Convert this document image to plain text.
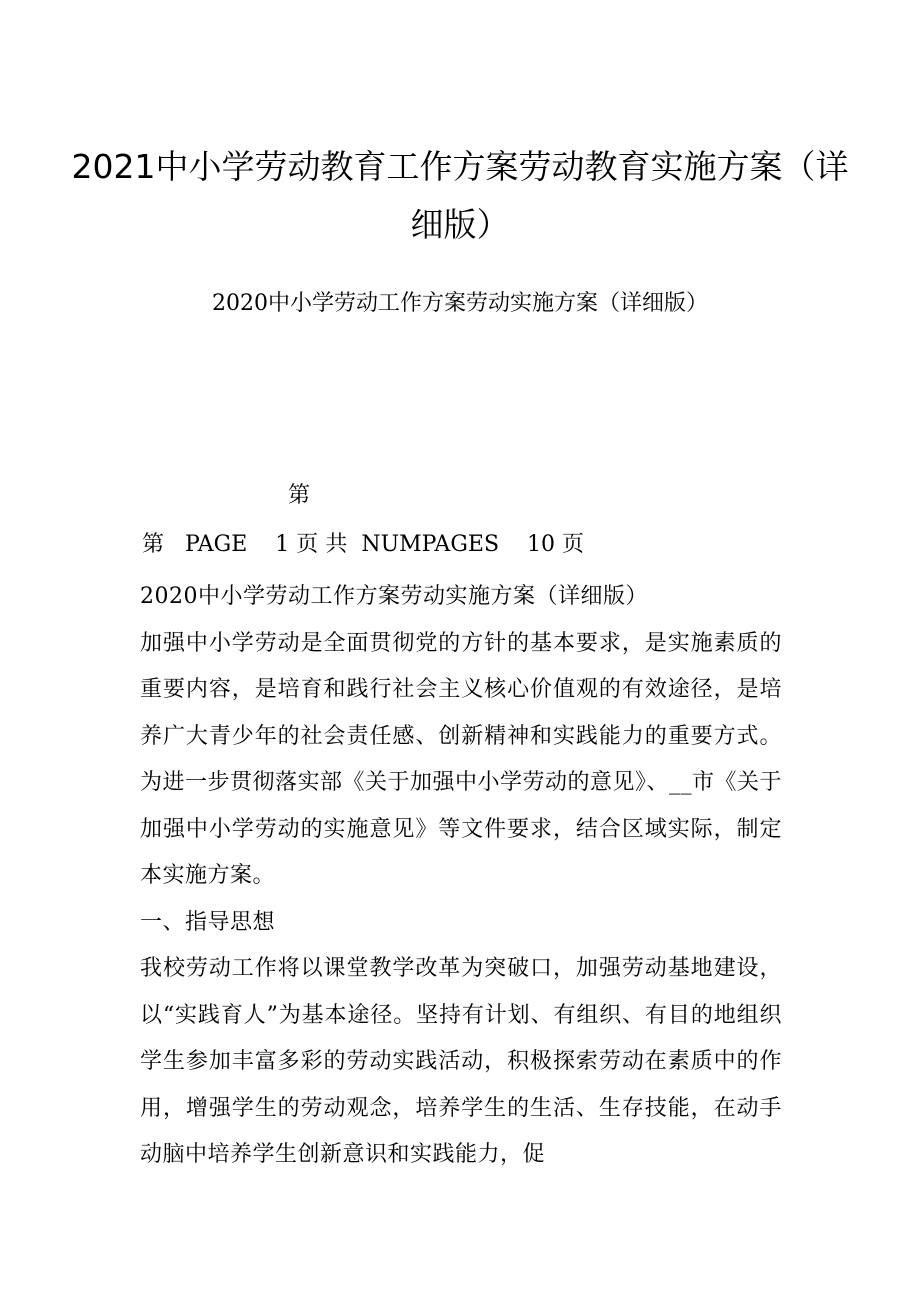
2021中小学劳动教育工作方案劳动教育实施方案（详细版）
2020中小学劳动工作方案劳动实施方案（详细版）
第
第 PAGE 1 页 共 NUMPAGES 10 页

2020中小学劳动工作方案劳动实施方案（详细版）

加强中小学劳动是全面贯彻党的方针的基本要求，是实施素质的重要内容，是培育和践行社会主义核心价值观的有效途径，是培养广大青少年的社会责任感、创新精神和实践能力的重要方式。为进一步贯彻落实部《关于加强中小学劳动的意见》、__市《关于加强中小学劳动的实施意见》等文件要求，结合区域实际，制定本实施方案。

一、指导思想

我校劳动工作将以课堂教学改革为突破口，加强劳动基地建设，以“实践育人”为基本途径。坚持有计划、有组织、有目的地组织学生参加丰富多彩的劳动实践活动，积极探索劳动在素质中的作用，增强学生的劳动观念，培养学生的生活、生存技能，在动手动脑中培养学生创新意识和实践能力，促
